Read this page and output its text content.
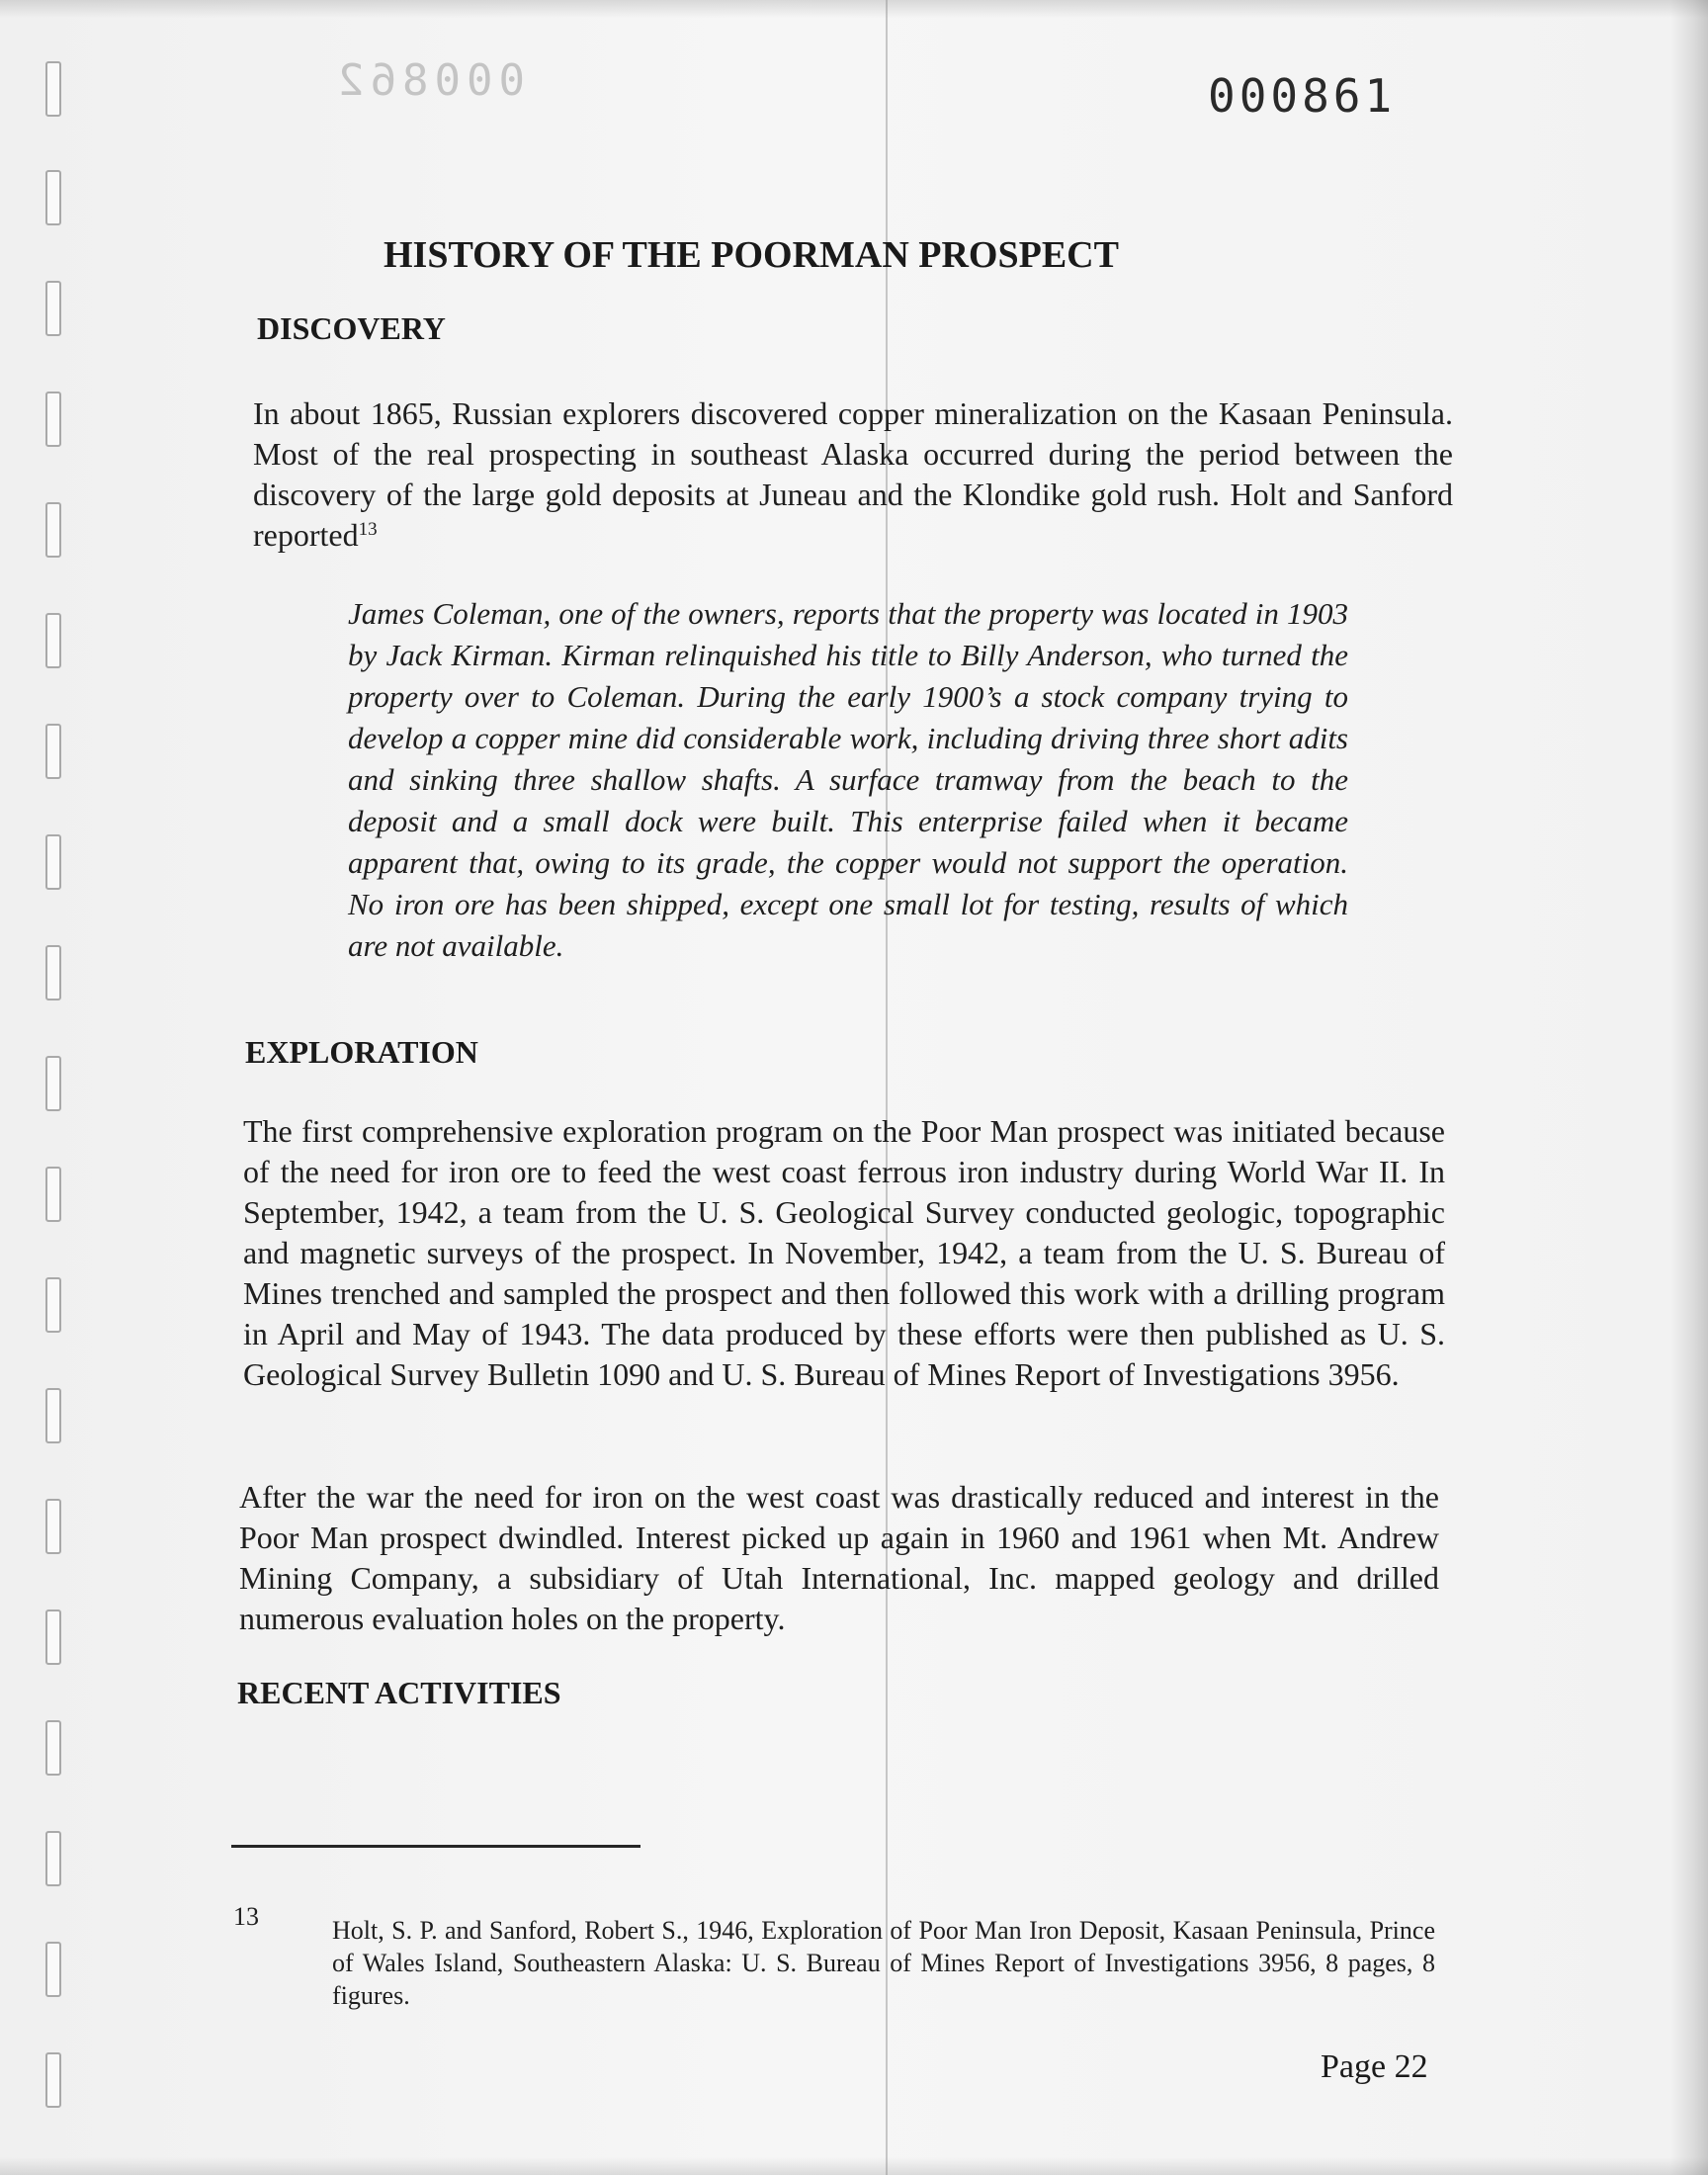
000862	000861
HISTORY OF THE POORMAN PROSPECT
DISCOVERY
In about 1865, Russian explorers discovered copper mineralization on the Kasaan Peninsula. Most of the real prospecting in southeast Alaska occurred during the period between the discovery of the large gold deposits at Juneau and the Klondike gold rush. Holt and Sanford reported$^{13}$
James Coleman, one of the owners, reports that the property was located in 1903 by Jack Kirman. Kirman relinquished his title to Billy Anderson, who turned the property over to Coleman. During the early 1900’s a stock company trying to develop a copper mine did considerable work, including driving three short adits and sinking three shallow shafts. A surface tramway from the beach to the deposit and a small dock were built. This enterprise failed when it became apparent that, owing to its grade, the copper would not support the operation. No iron ore has been shipped, except one small lot for testing, results of which are not available.
EXPLORATION
The first comprehensive exploration program on the Poor Man prospect was initiated because of the need for iron ore to feed the west coast ferrous iron industry during World War II. In September, 1942, a team from the U. S. Geological Survey conducted geologic, topographic and magnetic surveys of the prospect. In November, 1942, a team from the U. S. Bureau of Mines trenched and sampled the prospect and then followed this work with a drilling program in April and May of 1943. The data produced by these efforts were then published as U. S. Geological Survey Bulletin 1090 and U. S. Bureau of Mines Report of Investigations 3956.
After the war the need for iron on the west coast was drastically reduced and interest in the Poor Man prospect dwindled. Interest picked up again in 1960 and 1961 when Mt. Andrew Mining Company, a subsidiary of Utah International, Inc. mapped geology and drilled numerous evaluation holes on the property.
RECENT ACTIVITIES
13	Holt, S. P. and Sanford, Robert S., 1946, Exploration of Poor Man Iron Deposit, Kasaan Peninsula, Prince of Wales Island, Southeastern Alaska: U. S. Bureau of Mines Report of Investigations 3956, 8 pages, 8 figures.
Page 22
